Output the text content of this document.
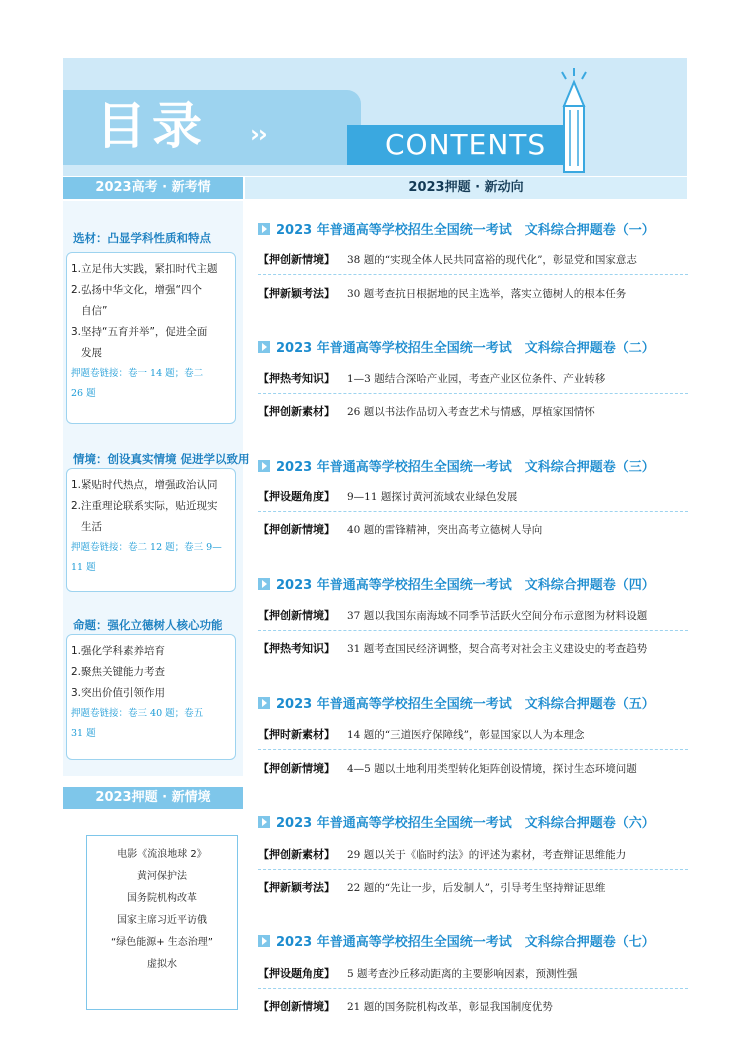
目录 ››	CONTENTS
2023高考 · 新考情	2023押题 · 新动向
2023押题 · 新情境
选材：凸显学科性质和特点
1.立足伟大实践，紧扣时代主题
2.弘扬中华文化，增强“四个
自信”
3.坚持“五育并举”，促进全面
发展
押题卷链接：卷一 14 题；卷二
26 题
情境：创设真实情境 促进学以致用
1.紧贴时代热点，增强政治认同
2.注重理论联系实际，贴近现实
生活
押题卷链接：卷二 12 题；卷三 9—
11 题
命题：强化立德树人核心功能
1.强化学科素养培育
2.聚焦关键能力考查
3.突出价值引领作用
押题卷链接：卷三 40 题；卷五
31 题
电影《流浪地球 2》
黄河保护法
国务院机构改革
国家主席习近平访俄
“绿色能源+ 生态治理”
虚拟水
2023 年普通高等学校招生全国统一考试　文科综合押题卷（一）
【押创新情境】 38 题的“实现全体人民共同富裕的现代化”，彰显党和国家意志
【押新颖考法】 30 题考查抗日根据地的民主选举，落实立德树人的根本任务
2023 年普通高等学校招生全国统一考试　文科综合押题卷（二）
【押热考知识】 1—3 题结合深哈产业园，考查产业区位条件、产业转移
【押创新素材】 26 题以书法作品切入考查艺术与情感，厚植家国情怀
2023 年普通高等学校招生全国统一考试　文科综合押题卷（三）
【押设题角度】 9—11 题探讨黄河流域农业绿色发展
【押创新情境】 40 题的雷锋精神，突出高考立德树人导向
2023 年普通高等学校招生全国统一考试　文科综合押题卷（四）
【押创新情境】 37 题以我国东南海域不同季节活跃火空间分布示意图为材料设题
【押热考知识】 31 题考查国民经济调整，契合高考对社会主义建设史的考查趋势
2023 年普通高等学校招生全国统一考试　文科综合押题卷（五）
【押时新素材】 14 题的“三道医疗保障线”，彰显国家以人为本理念
【押创新情境】 4—5 题以土地利用类型转化矩阵创设情境，探讨生态环境问题
2023 年普通高等学校招生全国统一考试　文科综合押题卷（六）
【押创新素材】 29 题以关于《临时约法》的评述为素材，考查辩证思维能力
【押新颖考法】 22 题的“先让一步，后发制人”，引导考生坚持辩证思维
2023 年普通高等学校招生全国统一考试　文科综合押题卷（七）
【押设题角度】 5 题考查沙丘移动距离的主要影响因素，预测性强
【押创新情境】 21 题的国务院机构改革，彰显我国制度优势
